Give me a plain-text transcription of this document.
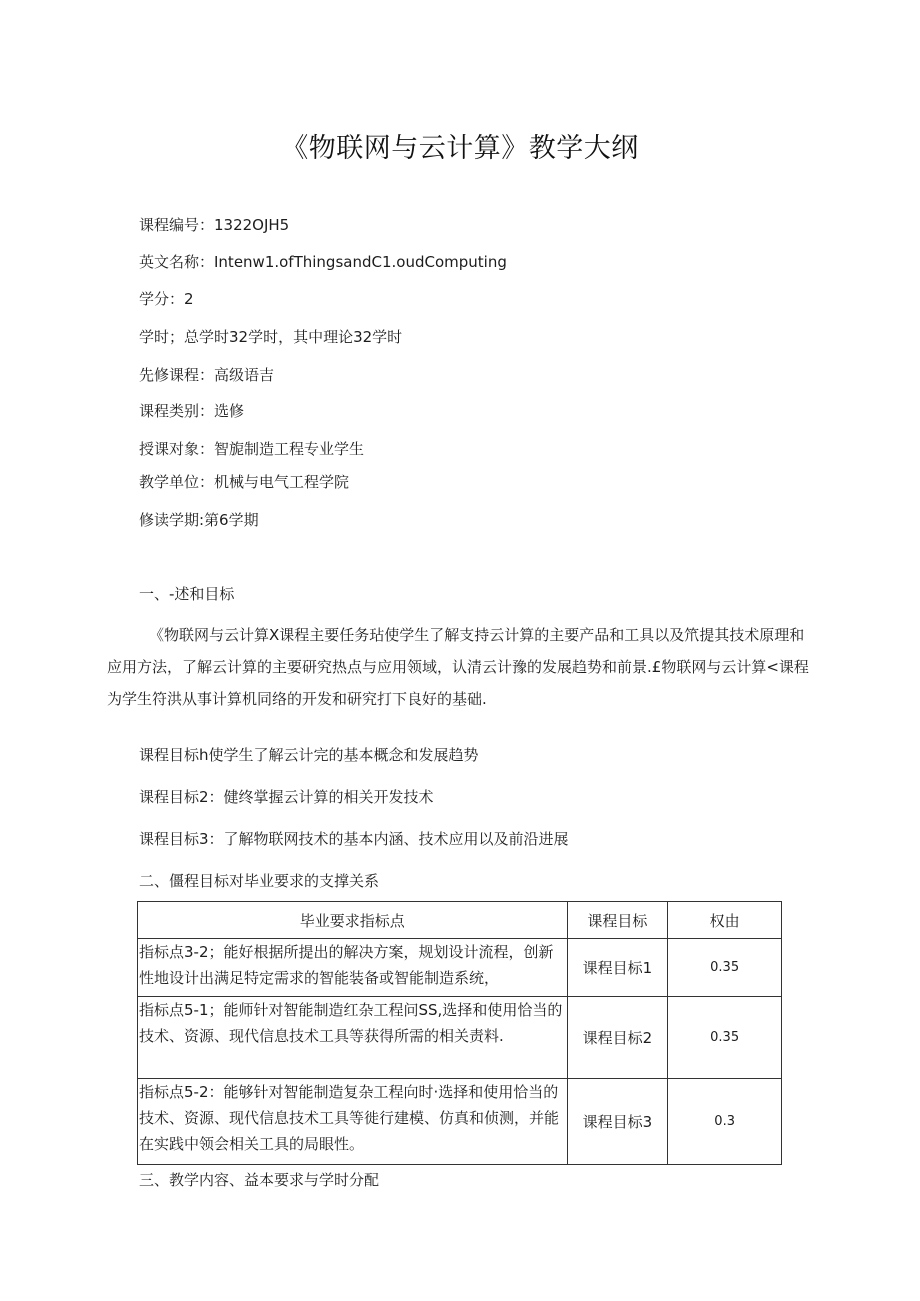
《物联网与云计算》教学大纲
课程编号：1322OJH5
英文名称：Intenw1.ofThingsandC1.oudComputing
学分：2
学时；总学时32学时，其中理论32学时
先修课程：高级语吉
课程类别：选修
授课对象：智旎制造工程专业学生
教学单位：机械与电气工程学院
修读学期:第6学期
一、-述和目标
《物联网与云计算X课程主要任务玷使学生了解支持云计算的主要产品和工具以及笊提其技术原理和应用方法，了解云计算的主要研究热点与应用领域，认清云计豫的发展趋势和前景.£物联网与云计算<课程为学生符洪从事计算机同络的开发和研究打下良好的基础.
课程目标h使学生了解云计完的基本概念和发展趋势
课程目标2：健终掌握云计算的相关开发技术
课程目标3：了解物联网技术的基本内涵、技术应用以及前沿进展
二、僵程目标对毕业要求的支撑关系
毕业要求指标点	课程目标	权由
指标点3-2；能好根据所提出的解决方案，规划设计流程，创新性地设计出满足特定需求的智能装备或智能制造系统，	课程目标1	0.35
指标点5-1；能师针对智能制造红杂工程问SS,选择和使用恰当的技术、资源、现代信息技术工具等获得所需的相关责料.	课程目标2	0.35
指标点5-2：能够针对智能制造复杂工程向时·选择和使用恰当的技术、资源、现代信息技术工具等徙行建模、仿真和侦测，并能在实践中领会相关工具的局眼性。	课程目标3	0.3
三、教学内容、益本要求与学时分配
